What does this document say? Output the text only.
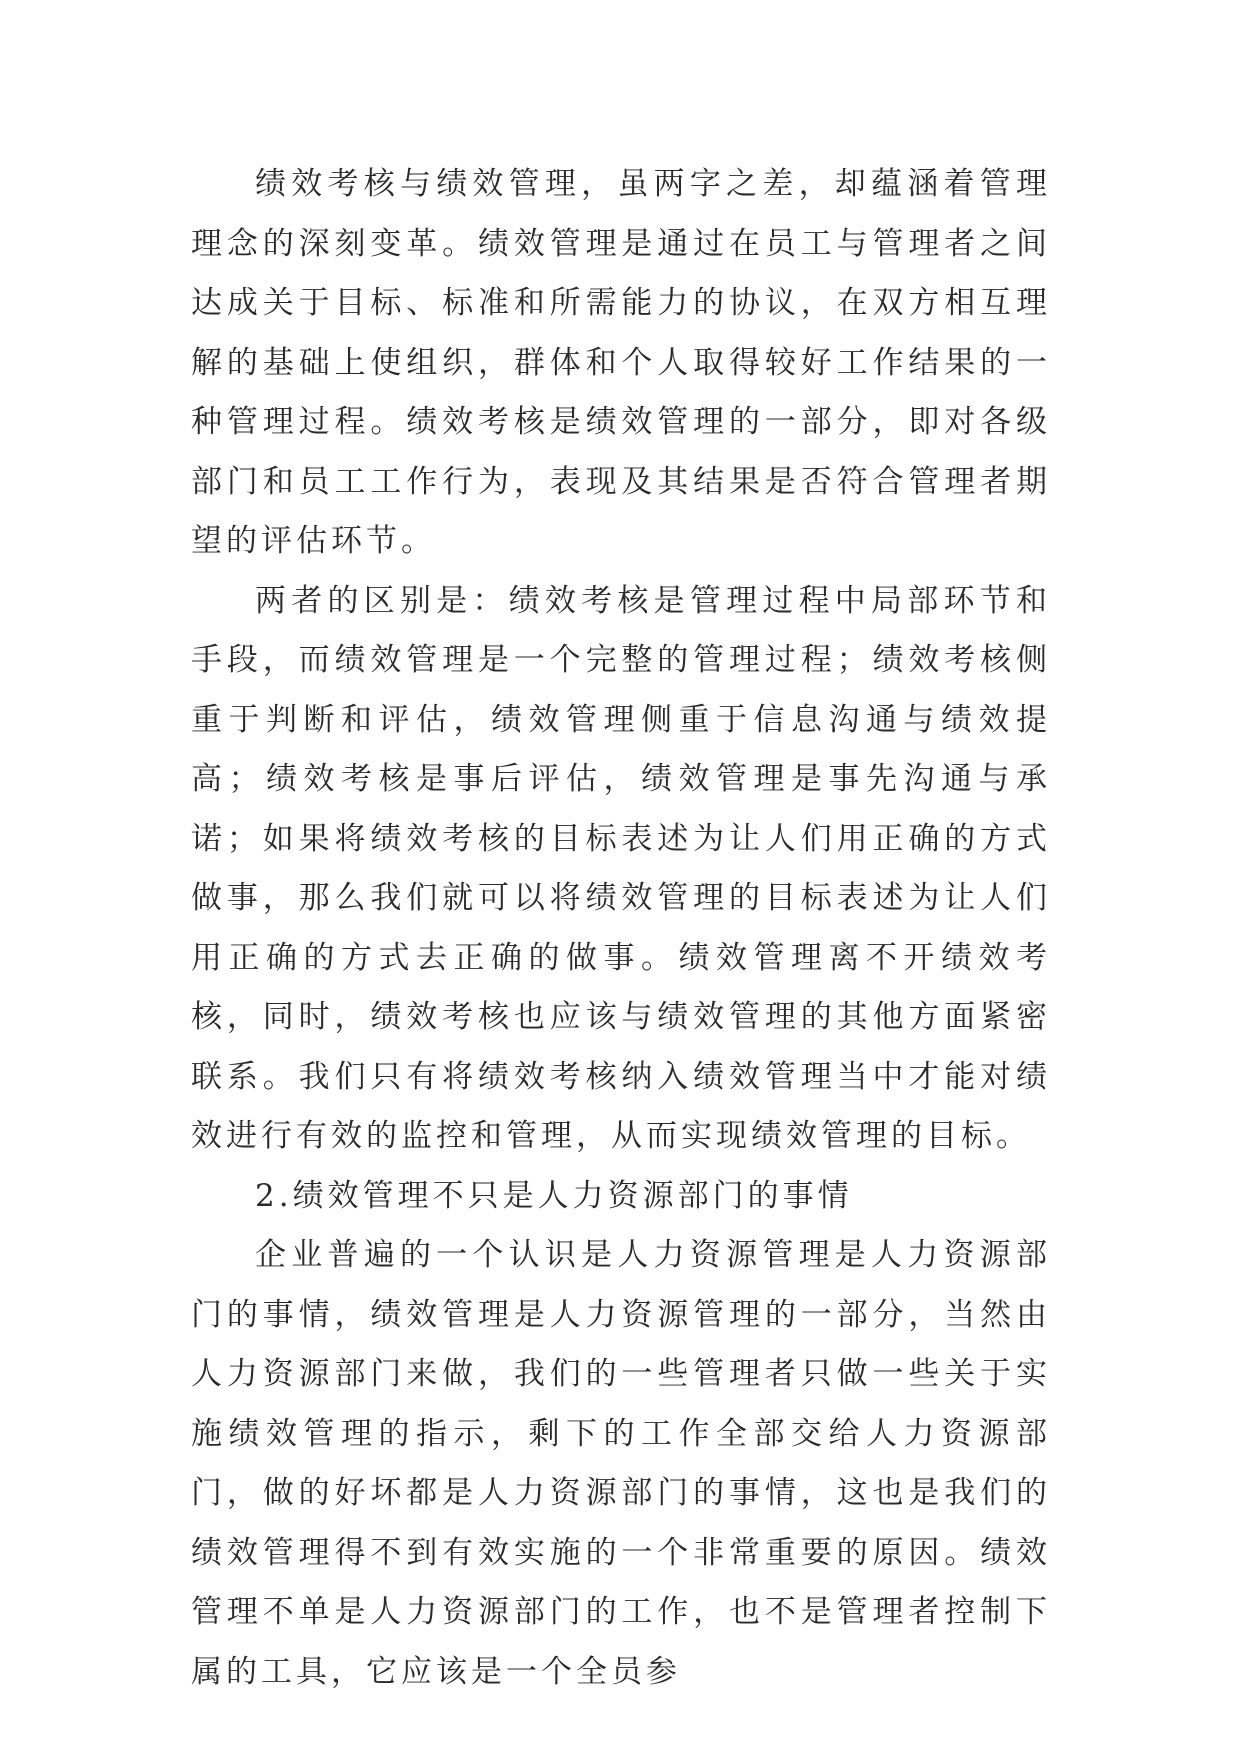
绩效考核与绩效管理，虽两字之差，却蕴涵着管理理念的深刻变革。绩效管理是通过在员工与管理者之间达成关于目标、标准和所需能力的协议，在双方相互理解的基础上使组织，群体和个人取得较好工作结果的一种管理过程。绩效考核是绩效管理的一部分，即对各级部门和员工工作行为，表现及其结果是否符合管理者期望的评估环节。

两者的区别是：绩效考核是管理过程中局部环节和手段，而绩效管理是一个完整的管理过程；绩效考核侧重于判断和评估，绩效管理侧重于信息沟通与绩效提高；绩效考核是事后评估，绩效管理是事先沟通与承诺；如果将绩效考核的目标表述为让人们用正确的方式做事，那么我们就可以将绩效管理的目标表述为让人们用正确的方式去正确的做事。绩效管理离不开绩效考核，同时，绩效考核也应该与绩效管理的其他方面紧密联系。我们只有将绩效考核纳入绩效管理当中才能对绩效进行有效的监控和管理，从而实现绩效管理的目标。

2.绩效管理不只是人力资源部门的事情

企业普遍的一个认识是人力资源管理是人力资源部门的事情，绩效管理是人力资源管理的一部分，当然由人力资源部门来做，我们的一些管理者只做一些关于实施绩效管理的指示，剩下的工作全部交给人力资源部门，做的好坏都是人力资源部门的事情，这也是我们的绩效管理得不到有效实施的一个非常重要的原因。绩效管理不单是人力资源部门的工作，也不是管理者控制下属的工具，它应该是一个全员参
